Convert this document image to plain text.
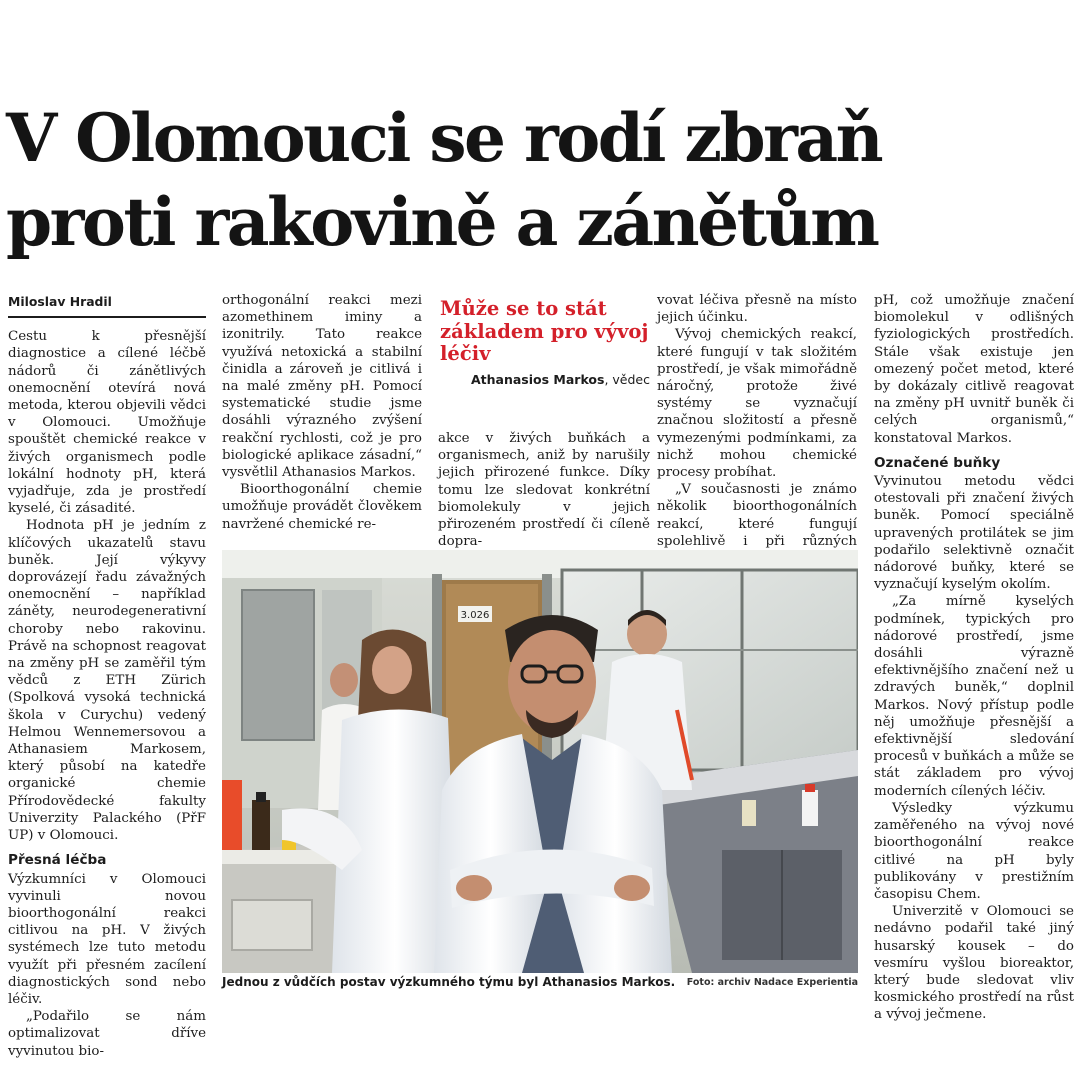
V Olomouci se rodí zbraň
proti rakovině a zánětům
Miloslav Hradil

Cestu k přesnější diagnostice a cílené léčbě nádorů či zánětlivých onemocnění otevírá nová metoda, kterou objevili vědci v Olomouci. Umožňuje spouštět chemické reakce v živých organismech podle lokální hodnoty pH, která vyjadřuje, zda je prostředí kyselé, či zásadité.

Hodnota pH je jedním z klíčových ukazatelů stavu buněk. Její výkyvy doprovázejí řadu závažných onemocnění – například záněty, neurodegenerativní choroby nebo rakovinu. Právě na schopnost reagovat na změny pH se zaměřil tým vědců z ETH Zürich (Spolková vysoká technická škola v Curychu) vedený Helmou Wennemersovou a Athanasiem Markosem, který působí na katedře organické chemie Přírodovědecké fakulty Univerzity Palackého (PřF UP) v Olomouci.

Přesná léčba

Výzkumníci v Olomouci vyvinuli novou bioorthogonální reakci citlivou na pH. V živých systémech lze tuto metodu využít při přesném zacílení diagnostických sond nebo léčiv.

„Podařilo se nám optimalizovat dříve vyvinutou bio-

orthogonální reakci mezi azomethinem iminy a izonitrily. Tato reakce využívá netoxická a stabilní činidla a zároveň je citlivá i na malé změny pH. Pomocí systematické studie jsme dosáhli výrazného zvýšení reakční rychlosti, což je pro biologické aplikace zásadní,“ vysvětlil Athanasios Markos.

Bioorthogonální chemie umožňuje provádět člověkem navržené chemické re-

Může se to stát základem pro vývoj léčiv

Athanasios Markos, vědec

akce v živých buňkách a organismech, aniž by narušily jejich přirozené funkce. Díky tomu lze sledovat konkrétní biomolekuly v jejich přirozeném prostředí či cíleně dopra-

vovat léčiva přesně na místo jejich účinku.

Vývoj chemických reakcí, které fungují v tak složitém prostředí, je však mimořádně náročný, protože živé systémy se vyznačují značnou složitostí a přesně vymezenými podmínkami, za nichž mohou chemické procesy probíhat.

„V současnosti je známo několik bioorthogonálních reakcí, které fungují spolehlivě i při různých

pH, což umožňuje značení biomolekul v odlišných fyziologických prostředích. Stále však existuje jen omezený počet metod, které by dokázaly citlivě reagovat na změny pH uvnitř buněk či celých organismů,“ konstatoval Markos.

Označené buňky

Vyvinutou metodu vědci otestovali při značení živých buněk. Pomocí speciálně upravených protilátek se jim podařilo selektivně označit nádorové buňky, které se vyznačují kyselým okolím.

„Za mírně kyselých podmínek, typických pro nádorové prostředí, jsme dosáhli výrazně efektivnějšího značení než u zdravých buněk,“ doplnil Markos. Nový přístup podle něj umožňuje přesnější a efektivnější sledování procesů v buňkách a může se stát základem pro vývoj moderních cílených léčiv.

Výsledky výzkumu zaměřeného na vývoj nové bioorthogonální reakce citlivé na pH byly publikovány v prestižním časopisu Chem.

Univerzitě v Olomouci se nedávno podařil také jiný husarský kousek – do vesmíru vyšlou bioreaktor, který bude sledovat vliv kosmického prostředí na růst a vývoj ječmene.

3.026
Jednou z vůdčích postav výzkumného týmu byl Athanasios Markos. Foto: archiv Nadace Experientia
